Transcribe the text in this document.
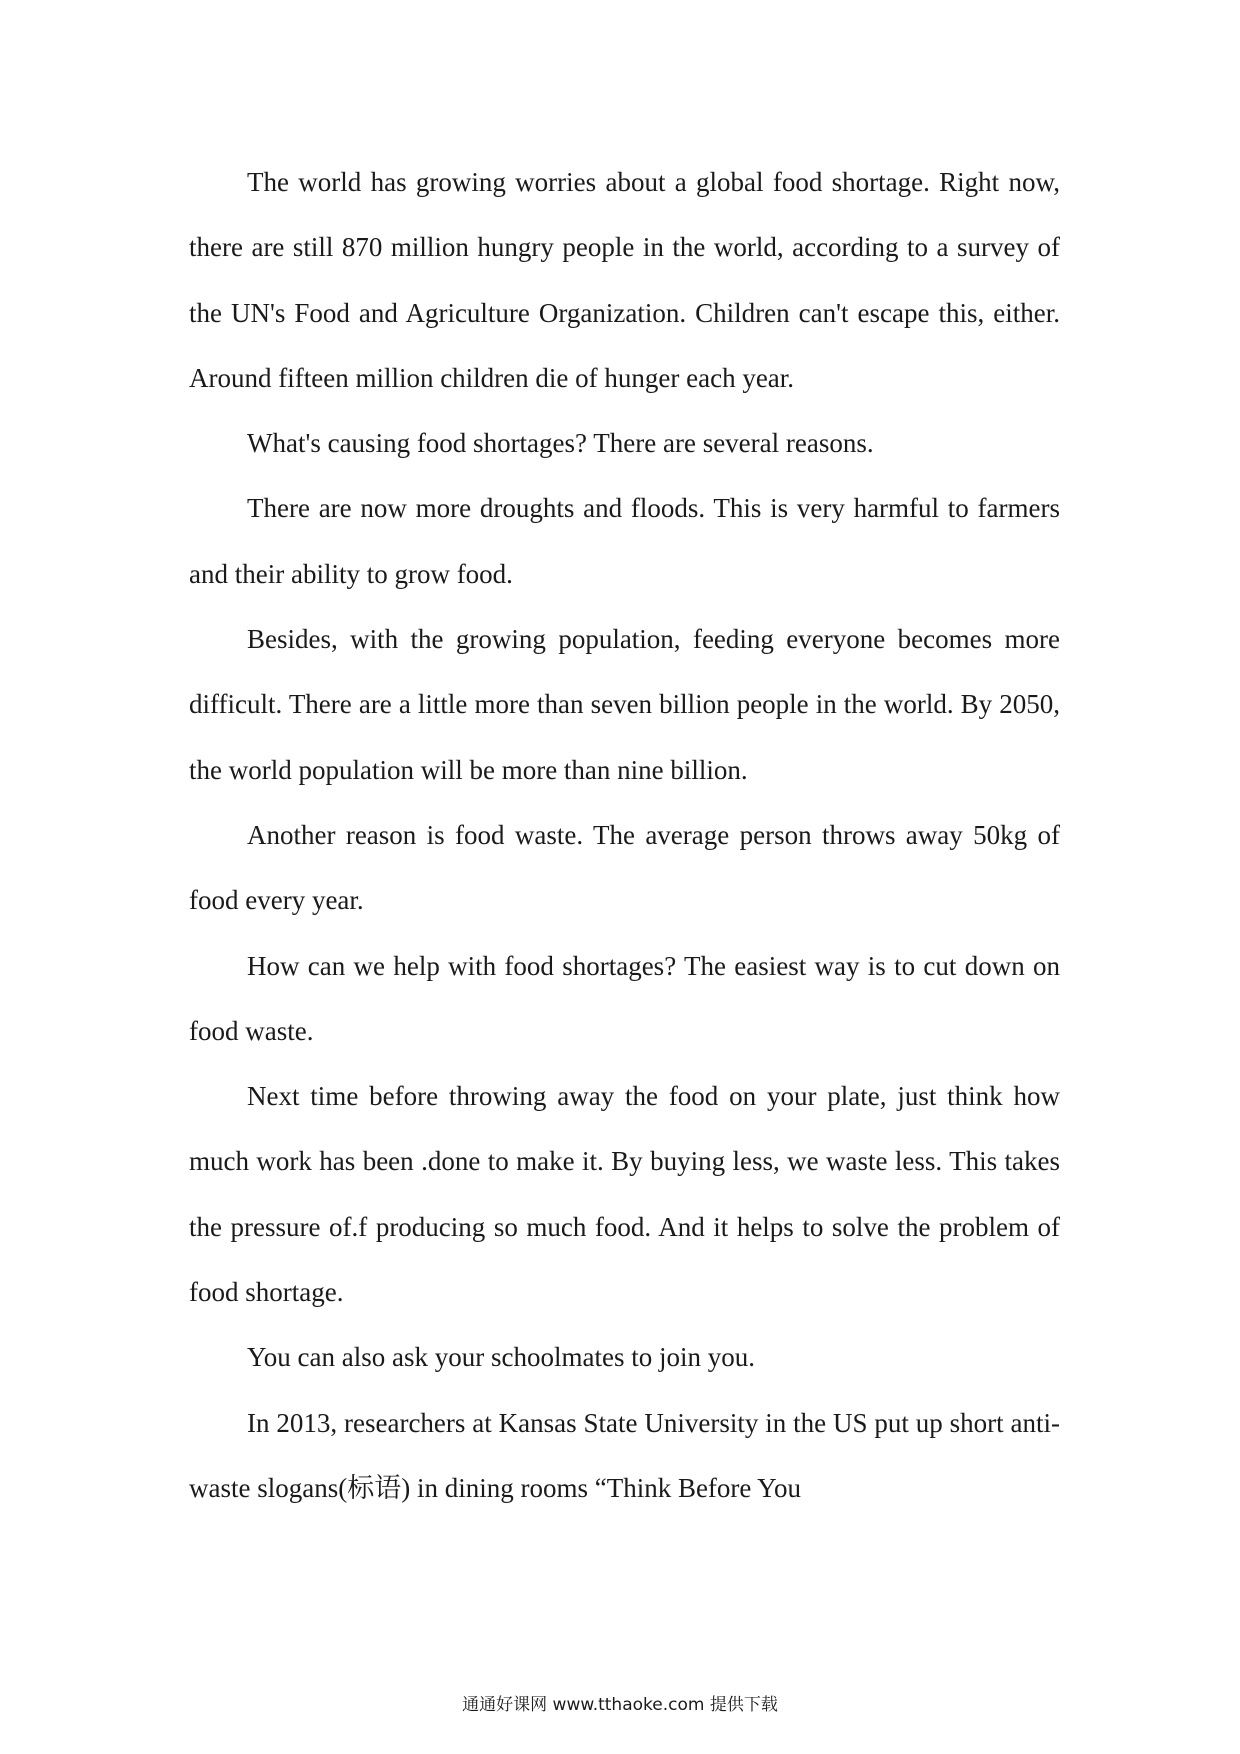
The world has growing worries about a global food shortage. Right now, there are still 870 million hungry people in the world, according to a survey of the UN's Food and Agriculture Organization. Children can't escape this, either. Around fifteen million children die of hunger each year.

What's causing food shortages? There are several reasons.

There are now more droughts and floods. This is very harmful to farmers and their ability to grow food.

Besides, with the growing population, feeding everyone becomes more difficult. There are a little more than seven billion people in the world. By 2050, the world population will be more than nine billion.

Another reason is food waste. The average person throws away 50kg of food every year.

How can we help with food shortages? The easiest way is to cut down on food waste.

Next time before throwing away the food on your plate, just think how much work has been .done to make it. By buying less, we waste less. This takes the pressure of.f producing so much food. And it helps to solve the problem of food shortage.

You can also ask your schoolmates to join you.

In 2013, researchers at Kansas State University in the US put up short anti-waste slogans(标语) in dining rooms “Think Before You

通通好课网 www.tthaoke.com 提供下载
